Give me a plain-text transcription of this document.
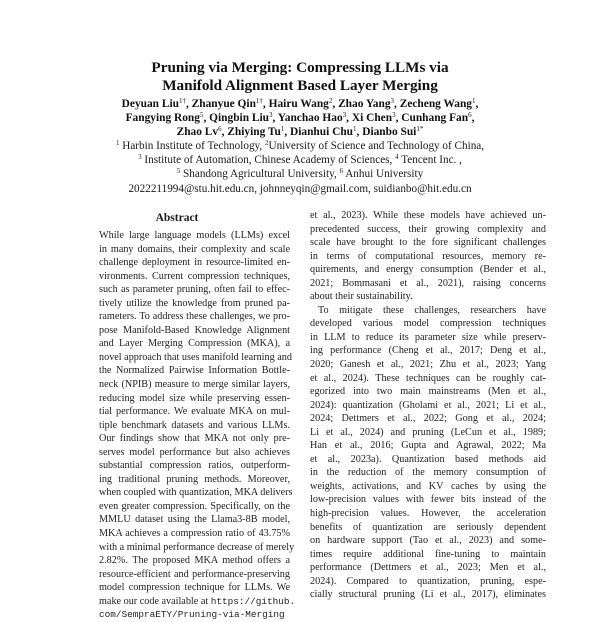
Pruning via Merging: Compressing LLMs via
Manifold Alignment Based Layer Merging
Deyuan Liu$^{1\dagger}$, Zhanyue Qin$^{1\dagger}$, Hairu Wang$^2$, Zhao Yang$^3$, Zecheng Wang$^1$,
Fangying Rong$^5$, Qingbin Liu$^3$, Yanchao Hao$^3$, Xi Chen$^3$, Cunhang Fan$^6$,
Zhao Lv$^6$, Zhiying Tu$^1$, Dianhui Chu$^1$, Dianbo Sui$^{1*}$
$^1$ Harbin Institute of Technology, $^2$University of Science and Technology of China,
$^3$ Institute of Automation, Chinese Academy of Sciences, $^4$ Tencent Inc. ,
$^5$ Shandong Agricultural University, $^6$ Anhui University
2022211994@stu.hit.edu.cn, johnneyqin@gmail.com, suidianbo@hit.edu.cn
Abstract
While large language models (LLMs) excel
in many domains, their complexity and scale
challenge deployment in resource-limited en-
vironments. Current compression techniques,
such as parameter pruning, often fail to effec-
tively utilize the knowledge from pruned pa-
rameters. To address these challenges, we pro-
pose Manifold-Based Knowledge Alignment
and Layer Merging Compression (MKA), a
novel approach that uses manifold learning and
the Normalized Pairwise Information Bottle-
neck (NPIB) measure to merge similar layers,
reducing model size while preserving essen-
tial performance. We evaluate MKA on mul-
tiple benchmark datasets and various LLMs.
Our findings show that MKA not only pre-
serves model performance but also achieves
substantial compression ratios, outperform-
ing traditional pruning methods. Moreover,
when coupled with quantization, MKA delivers
even greater compression. Specifically, on the
MMLU dataset using the Llama3-8B model,
MKA achieves a compression ratio of 43.75%
with a minimal performance decrease of merely
2.82%. The proposed MKA method offers a
resource-efficient and performance-preserving
model compression technique for LLMs. We
make our code available at https://github.
com/SempraETY/Pruning-via-Merging
et al., 2023). While these models have achieved un-
precedented success, their growing complexity and
scale have brought to the fore significant challenges
in terms of computational resources, memory re-
quirements, and energy consumption (Bender et al.,
2021; Bommasani et al., 2021), raising concerns
about their sustainability.
To mitigate these challenges, researchers have
developed various model compression techniques
in LLM to reduce its parameter size while preserv-
ing performance (Cheng et al., 2017; Deng et al.,
2020; Ganesh et al., 2021; Zhu et al., 2023; Yang
et al., 2024). These techniques can be roughly cat-
egorized into two main mainstreams (Men et al.,
2024): quantization (Gholami et al., 2021; Li et al.,
2024; Dettmers et al., 2022; Gong et al., 2024;
Li et al., 2024) and pruning (LeCun et al., 1989;
Han et al., 2016; Gupta and Agrawal, 2022; Ma
et al., 2023a). Quantization based methods aid
in the reduction of the memory consumption of
weights, activations, and KV caches by using the
low-precision values with fewer bits instead of the
high-precision values. However, the acceleration
benefits of quantization are seriously dependent
on hardware support (Tao et al., 2023) and some-
times require additional fine-tuning to maintain
performance (Dettmers et al., 2023; Men et al.,
2024). Compared to quantization, pruning, espe-
cially structural pruning (Li et al., 2017), eliminates
